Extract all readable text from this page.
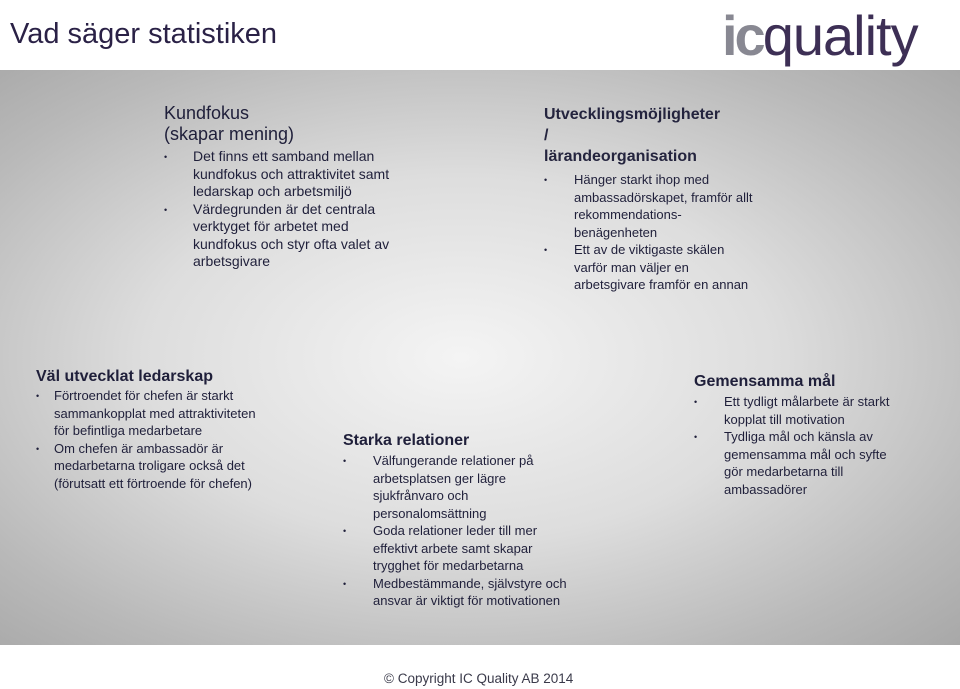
Vad säger statistiken	ic quality
Kundfokus
(skapar mening)
• Det finns ett samband mellan kundfokus och attraktivitet samt ledarskap och arbetsmiljö
• Värdegrunden är det centrala verktyget för arbetet med kundfokus och styr ofta valet av arbetsgivare
Utvecklingsmöjligheter
/
lärandeorganisation
• Hänger starkt ihop med ambassadörskapet, framför allt rekommendations-benägenheten
• Ett av de viktigaste skälen varför man väljer en arbetsgivare framför en annan
Väl utvecklat ledarskap
• Förtroendet för chefen är starkt sammankopplat med attraktiviteten för befintliga medarbetare
• Om chefen är ambassadör är medarbetarna troligare också det (förutsatt ett förtroende för chefen)
Starka relationer
• Välfungerande relationer på arbetsplatsen ger lägre sjukfrånvaro och personalomsättning
• Goda relationer leder till mer effektivt arbete samt skapar trygghet för medarbetarna
• Medbestämmande, självstyre och ansvar är viktigt för motivationen
Gemensamma mål
• Ett tydligt målarbete är starkt kopplat till motivation
• Tydliga mål och känsla av gemensamma mål och syfte gör medarbetarna till ambassadörer
© Copyright IC Quality AB 2014
